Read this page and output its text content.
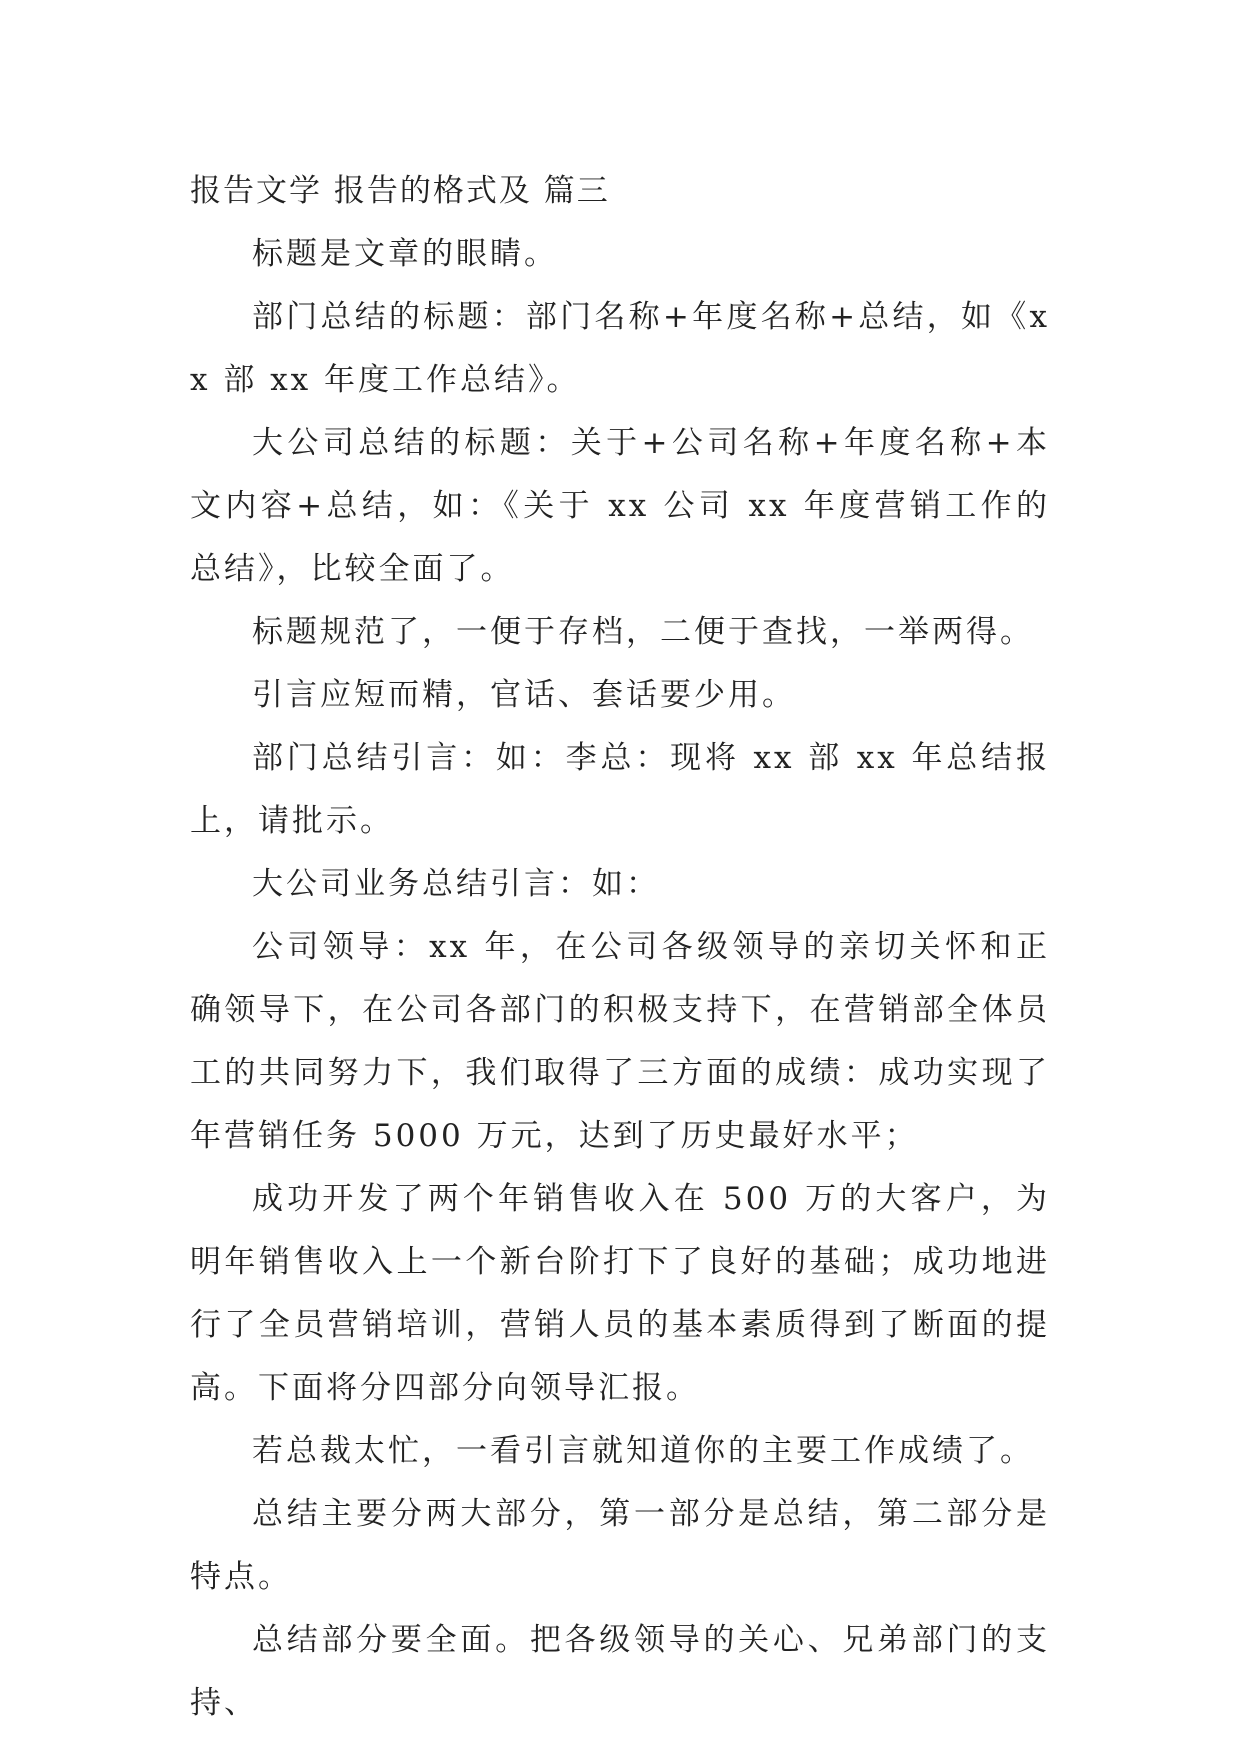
报告文学 报告的格式及 篇三

标题是文章的眼睛。

部门总结的标题：部门名称+年度名称+总结，如《xx 部 xx 年度工作总结》。

大公司总结的标题：关于+公司名称+年度名称+本文内容+总结，如：《关于 xx 公司 xx 年度营销工作的总结》，比较全面了。

标题规范了，一便于存档，二便于查找，一举两得。

引言应短而精，官话、套话要少用。

部门总结引言：如：李总：现将 xx 部 xx 年总结报上，请批示。

大公司业务总结引言：如：

公司领导：xx 年，在公司各级领导的亲切关怀和正确领导下，在公司各部门的积极支持下，在营销部全体员工的共同努力下，我们取得了三方面的成绩：成功实现了年营销任务 5000 万元，达到了历史最好水平；

成功开发了两个年销售收入在 500 万的大客户，为明年销售收入上一个新台阶打下了良好的基础；成功地进行了全员营销培训，营销人员的基本素质得到了断面的提高。下面将分四部分向领导汇报。

若总裁太忙，一看引言就知道你的主要工作成绩了。

总结主要分两大部分，第一部分是总结，第二部分是特点。

总结部分要全面。把各级领导的关心、兄弟部门的支持、
